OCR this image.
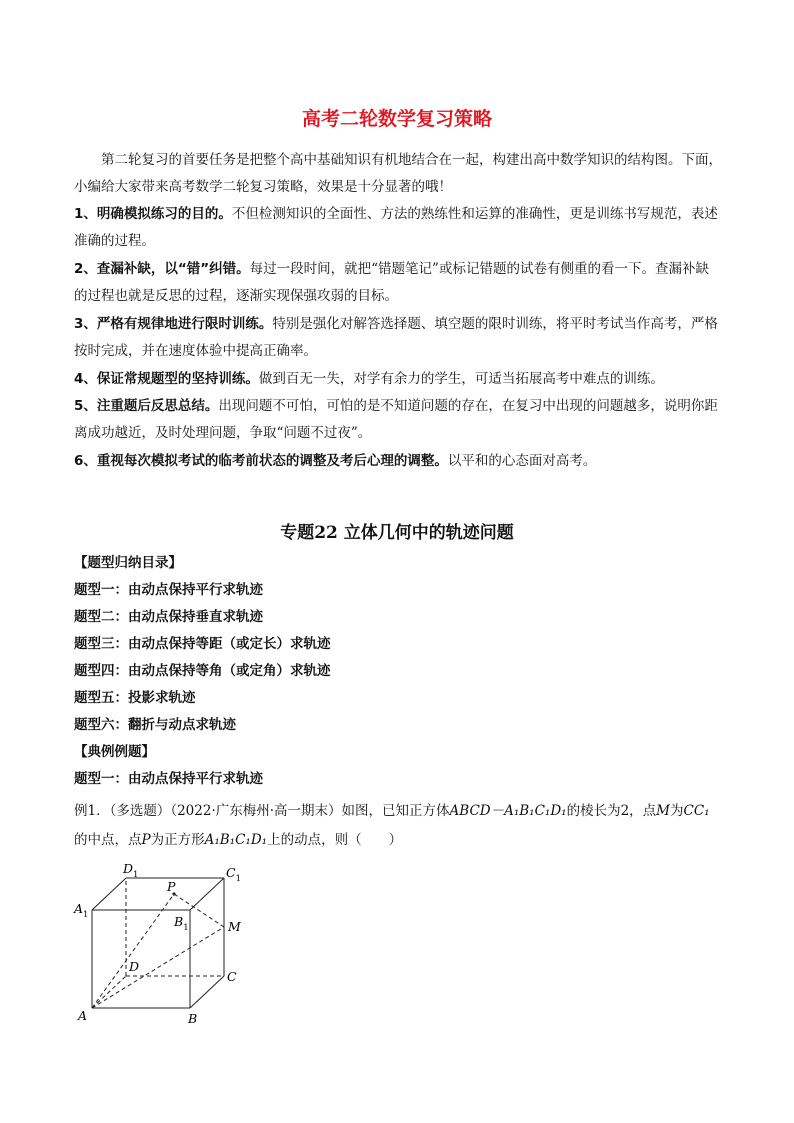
高考二轮数学复习策略

第二轮复习的首要任务是把整个高中基础知识有机地结合在一起，构建出高中数学知识的结构图。下面，小编给大家带来高考数学二轮复习策略，效果是十分显著的哦！

1、明确模拟练习的目的。不但检测知识的全面性、方法的熟练性和运算的准确性，更是训练书写规范，表述准确的过程。

2、查漏补缺，以“错”纠错。每过一段时间，就把“错题笔记”或标记错题的试卷有侧重的看一下。查漏补缺的过程也就是反思的过程，逐渐实现保强攻弱的目标。

3、严格有规律地进行限时训练。特别是强化对解答选择题、填空题的限时训练，将平时考试当作高考，严格按时完成，并在速度体验中提高正确率。

4、保证常规题型的坚持训练。做到百无一失，对学有余力的学生，可适当拓展高考中难点的训练。

5、注重题后反思总结。出现问题不可怕，可怕的是不知道问题的存在，在复习中出现的问题越多，说明你距离成功越近，及时处理问题，争取“问题不过夜”。

6、重视每次模拟考试的临考前状态的调整及考后心理的调整。以平和的心态面对高考。

专题22 立体几何中的轨迹问题
【题型归纳目录】
题型一：由动点保持平行求轨迹
题型二：由动点保持垂直求轨迹
题型三：由动点保持等距（或定长）求轨迹
题型四：由动点保持等角（或定角）求轨迹
题型五：投影求轨迹
题型六：翻折与动点求轨迹
【典例例题】
题型一：由动点保持平行求轨迹
例1．（多选题）（2022·广东梅州·高一期末）如图，已知正方体ABCD－A₁B₁C₁D₁的棱长为2，点M为CC₁
的中点，点P为正方形A₁B₁C₁D₁上的动点，则（　　）
A	B
C
D
$A_1$	$B_1$
$C_1$
$D_1$
P
M
